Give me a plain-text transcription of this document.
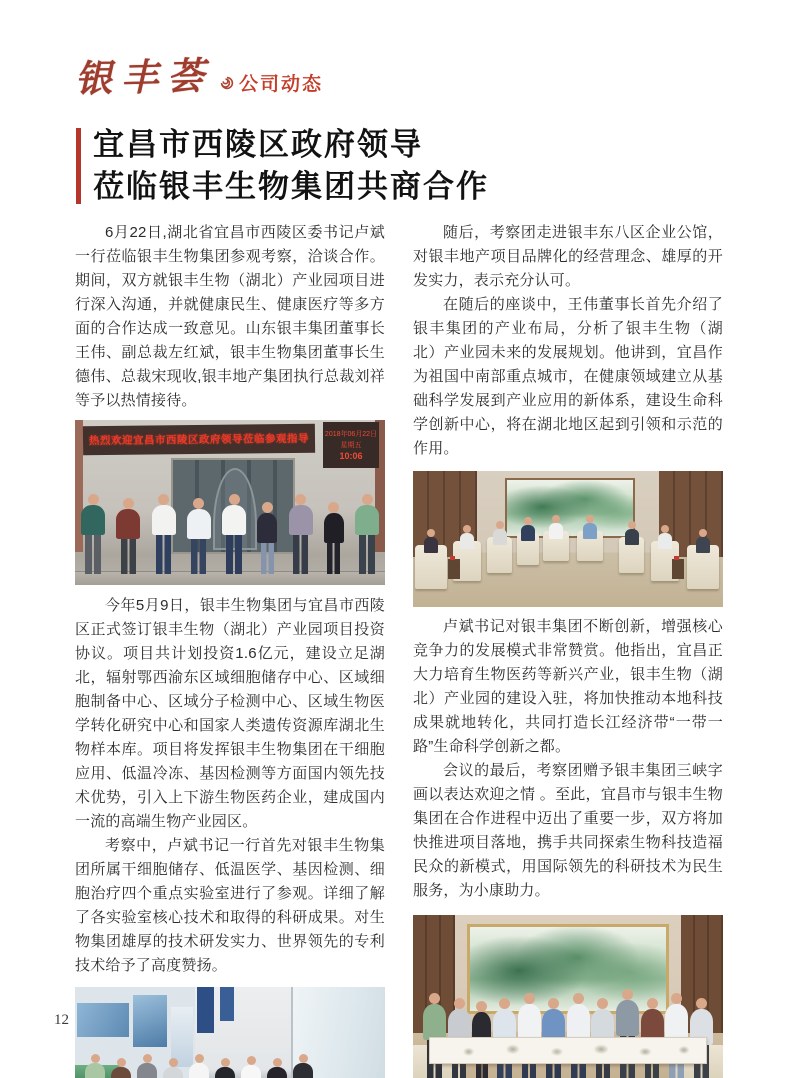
银丰荟 公司动态
宜昌市西陵区政府领导
莅临银丰生物集团共商合作

6月22日,湖北省宜昌市西陵区委书记卢斌一行莅临银丰生物集团参观考察，洽谈合作。期间，双方就银丰生物（湖北）产业园项目进行深入沟通，并就健康民生、健康医疗等多方面的合作达成一致意见。山东银丰集团董事长王伟、副总裁左红斌，银丰生物集团董事长生德伟、总裁宋现收,银丰地产集团执行总裁刘祥等予以热情接待。

热烈欢迎宜昌市西陵区政府领导莅临参观指导 2018年06月22日
星期五
10:06

今年5月9日，银丰生物集团与宜昌市西陵区正式签订银丰生物（湖北）产业园项目投资协议。项目共计划投资1.6亿元，建设立足湖北，辐射鄂西渝东区域细胞储存中心、区域细胞制备中心、区域分子检测中心、区域生物医学转化研究中心和国家人类遗传资源库湖北生物样本库。项目将发挥银丰生物集团在干细胞应用、低温冷冻、基因检测等方面国内领先技术优势，引入上下游生物医药企业，建成国内一流的高端生物产业园区。

考察中，卢斌书记一行首先对银丰生物集团所属干细胞储存、低温医学、基因检测、细胞治疗四个重点实验室进行了参观。详细了解了各实验室核心技术和取得的科研成果。对生物集团雄厚的技术研发实力、世界领先的专利技术给予了高度赞扬。

随后，考察团走进银丰东八区企业公馆，对银丰地产项目品牌化的经营理念、雄厚的开发实力，表示充分认可。

在随后的座谈中，王伟董事长首先介绍了银丰集团的产业布局，分析了银丰生物（湖北）产业园未来的发展规划。他讲到，宜昌作为祖国中南部重点城市，在健康领域建立从基础科学发展到产业应用的新体系，建设生命科学创新中心，将在湖北地区起到引领和示范的作用。

卢斌书记对银丰集团不断创新，增强核心竞争力的发展模式非常赞赏。他指出，宜昌正大力培育生物医药等新兴产业，银丰生物（湖北）产业园的建设入驻，将加快推动本地科技成果就地转化，共同打造长江经济带“一带一路”生命科学创新之都。

会议的最后，考察团赠予银丰集团三峡字画以表达欢迎之情 。至此，宜昌市与银丰生物集团在合作进程中迈出了重要一步，双方将加快推进项目落地，携手共同探索生物科技造福民众的新模式，用国际领先的科研技术为民生服务，为小康助力。

12
